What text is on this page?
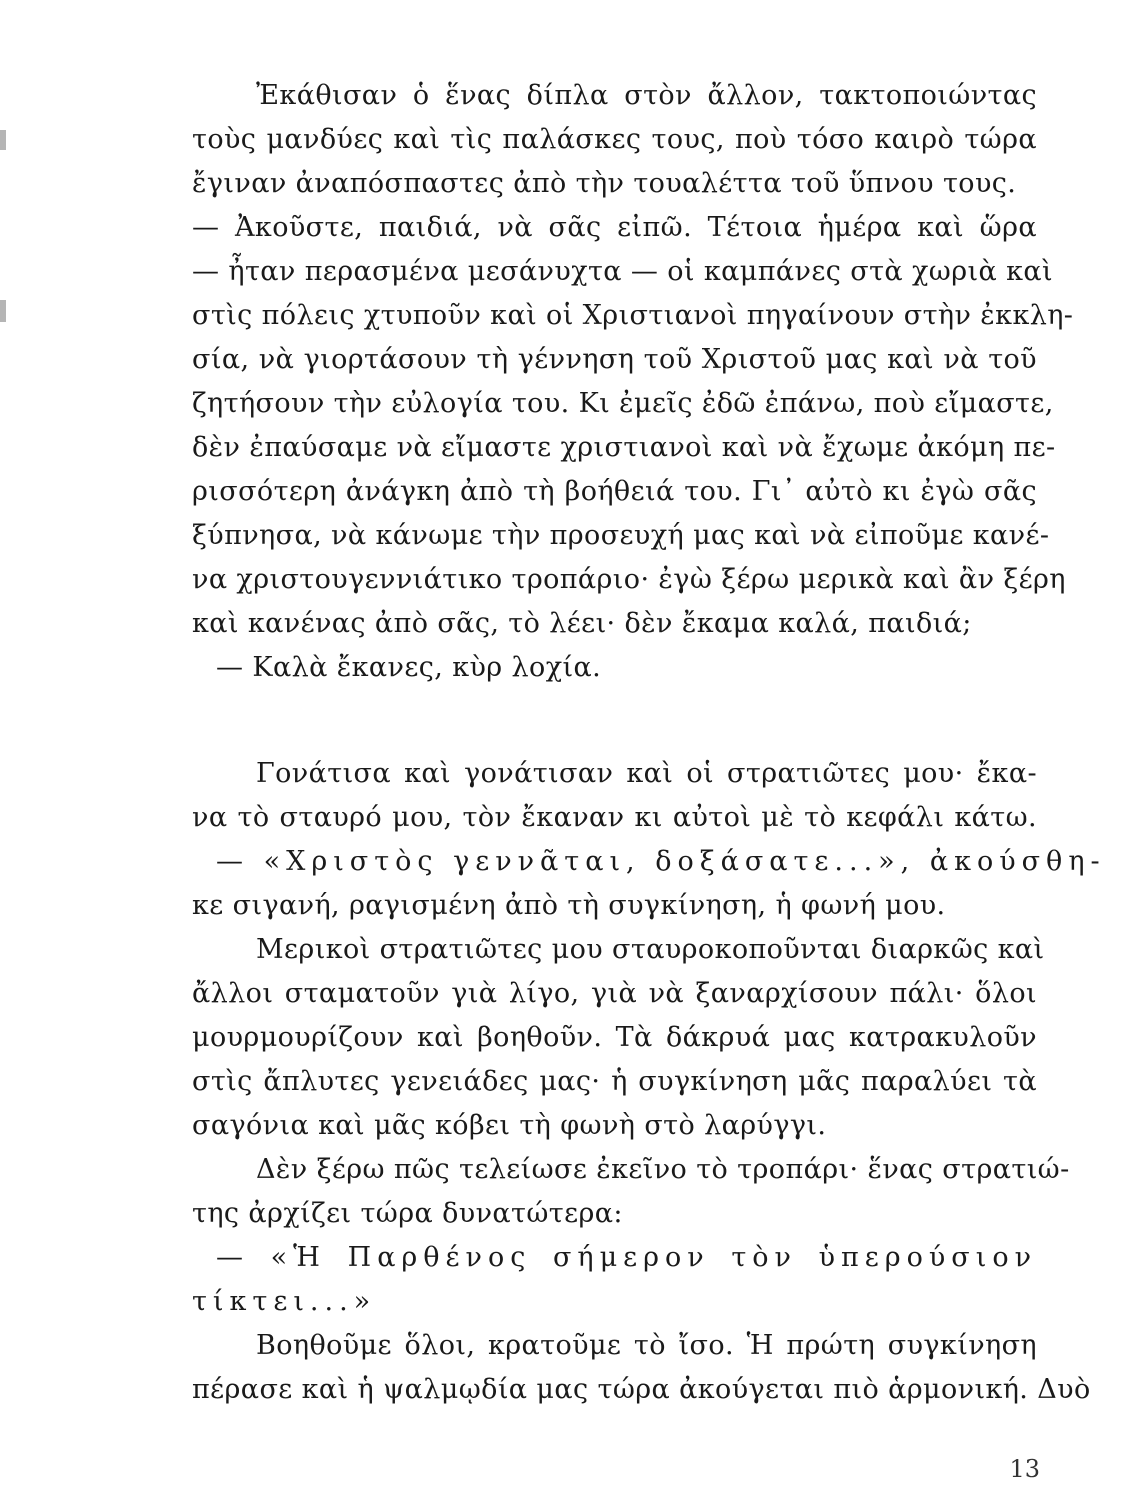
Ἐκάθισαν ὁ ἕνας δίπλα στὸν ἄλλον, τακτοποιώντας
τοὺς μανδύες καὶ τὶς παλάσκες τους, ποὺ τόσο καιρὸ τώρα
ἔγιναν ἀναπόσπαστες ἀπὸ τὴν τουαλέττα τοῦ ὕπνου τους.
— Ἀκοῦστε, παιδιά, νὰ σᾶς εἰπῶ. Τέτοια ἡμέρα καὶ ὥρα
— ἦταν περασμένα μεσάνυχτα — οἱ καμπάνες στὰ χωριὰ καὶ
στὶς πόλεις χτυποῦν καὶ οἱ Χριστιανοὶ πηγαίνουν στὴν ἐκκλη-
σία, νὰ γιορτάσουν τὴ γέννηση τοῦ Χριστοῦ μας καὶ νὰ τοῦ
ζητήσουν τὴν εὐλογία του. Κι ἐμεῖς ἐδῶ ἐπάνω, ποὺ εἴμαστε,
δὲν ἐπαύσαμε νὰ εἴμαστε χριστιανοὶ καὶ νὰ ἔχωμε ἀκόμη πε-
ρισσότερη ἀνάγκη ἀπὸ τὴ βοήθειά του. Γι᾽ αὐτὸ κι ἐγὼ σᾶς
ξύπνησα, νὰ κάνωμε τὴν προσευχή μας καὶ νὰ εἰποῦμε κανέ-
να χριστουγεννιάτικο τροπάριο· ἐγὼ ξέρω μερικὰ καὶ ἂν ξέρη
καὶ κανένας ἀπὸ σᾶς, τὸ λέει· δὲν ἔκαμα καλά, παιδιά;
— Καλὰ ἔκανες, κὺρ λοχία.
Γονάτισα καὶ γονάτισαν καὶ οἱ στρατιῶτες μου· ἔκα-
να τὸ σταυρό μου, τὸν ἔκαναν κι αὐτοὶ μὲ τὸ κεφάλι κάτω.
— «Χριστὸς γεννᾶται, δοξάσατε...», ἀκούσθη-
κε σιγανή, ραγισμένη ἀπὸ τὴ συγκίνηση, ἡ φωνή μου.
Μερικοὶ στρατιῶτες μου σταυροκοποῦνται διαρκῶς καὶ
ἄλλοι σταματοῦν γιὰ λίγο, γιὰ νὰ ξαναρχίσουν πάλι· ὅλοι
μουρμουρίζουν καὶ βοηθοῦν. Τὰ δάκρυά μας κατρακυλοῦν
στὶς ἄπλυτες γενειάδες μας· ἡ συγκίνηση μᾶς παραλύει τὰ
σαγόνια καὶ μᾶς κόβει τὴ φωνὴ στὸ λαρύγγι.
Δὲν ξέρω πῶς τελείωσε ἐκεῖνο τὸ τροπάρι· ἕνας στρατιώ-
της ἀρχίζει τώρα δυνατώτερα:
— «Ἡ Παρθένος σήμερον τὸν ὑπερούσιον
τίκτει...»
Βοηθοῦμε ὅλοι, κρατοῦμε τὸ ἴσο. Ἡ πρώτη συγκίνηση
πέρασε καὶ ἡ ψαλμῳδία μας τώρα ἀκούγεται πιὸ ἁρμονική. Δυὸ
13
